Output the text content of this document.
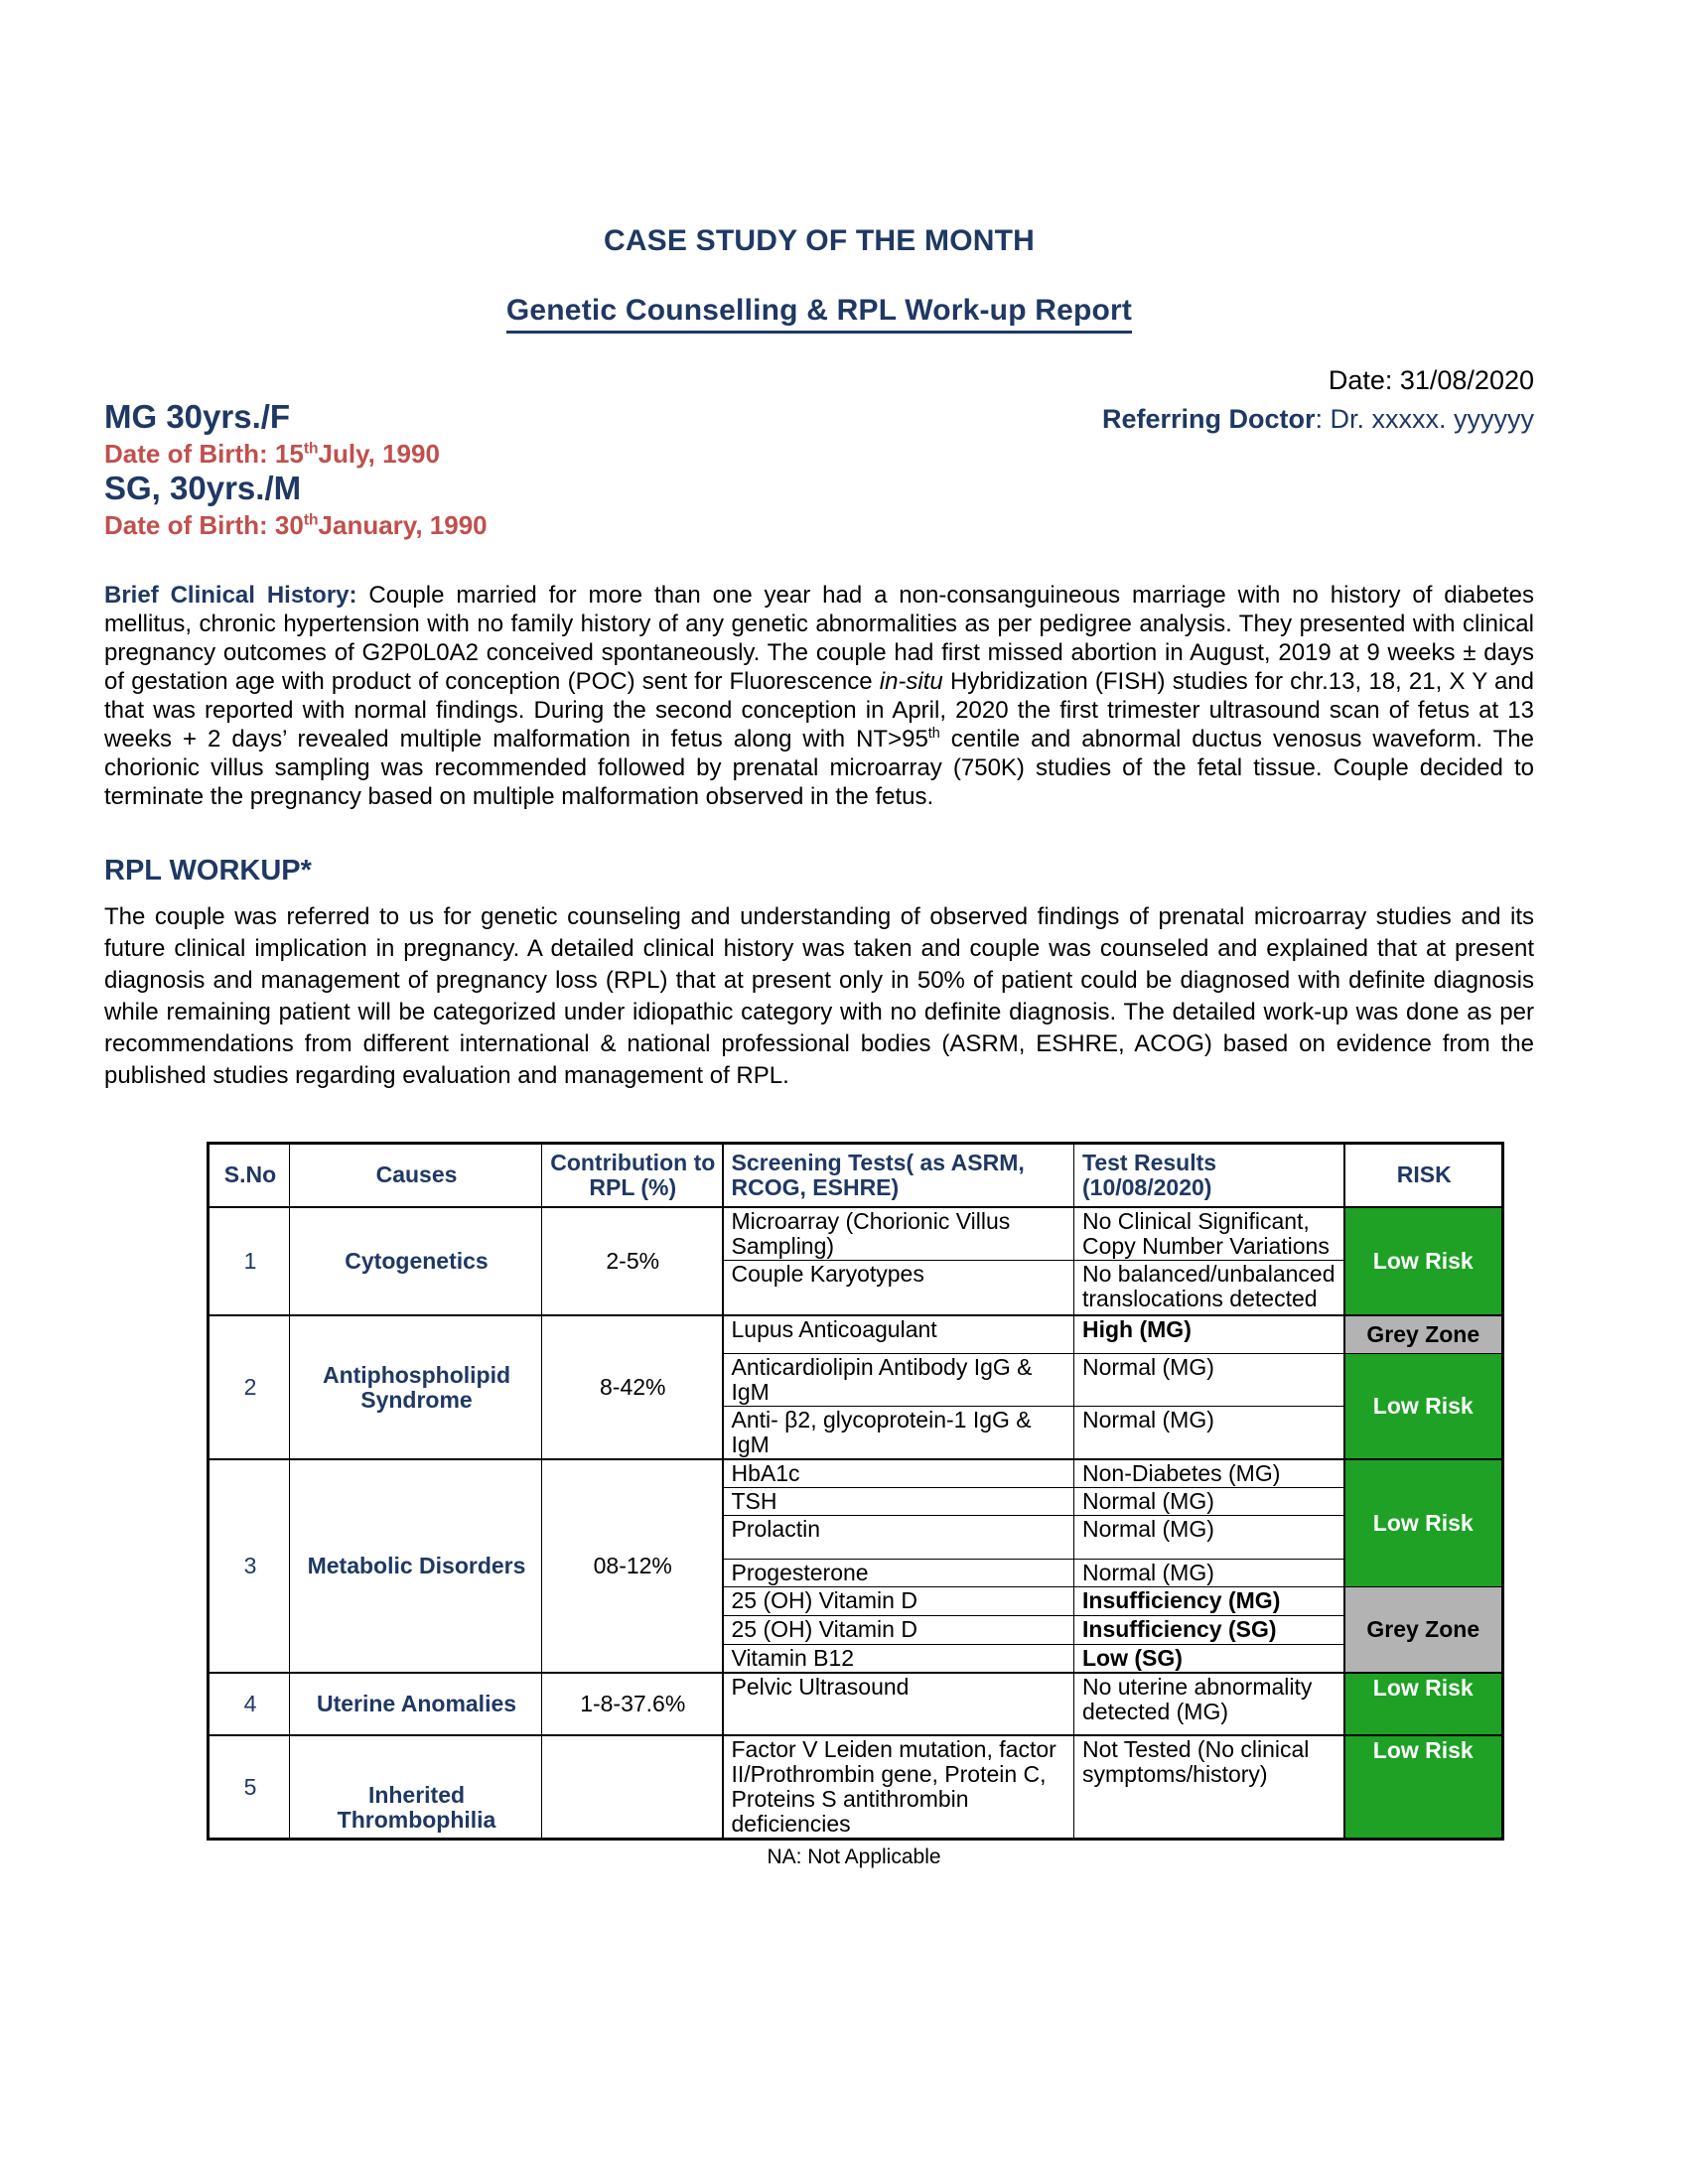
CASE STUDY OF THE MONTH
Genetic Counselling & RPL Work-up Report
Date: 31/08/2020
MG 30yrs./F	Referring Doctor: Dr. xxxxx. yyyyyy
Date of Birth: 15thJuly, 1990
SG, 30yrs./M
Date of Birth: 30thJanuary, 1990

Brief Clinical History: Couple married for more than one year had a non-consanguineous marriage with no history of diabetes mellitus, chronic hypertension with no family history of any genetic abnormalities as per pedigree analysis. They presented with clinical pregnancy outcomes of G2P0L0A2 conceived spontaneously. The couple had first missed abortion in August, 2019 at 9 weeks ± days of gestation age with product of conception (POC) sent for Fluorescence in-situ Hybridization (FISH) studies for chr.13, 18, 21, X Y and that was reported with normal findings. During the second conception in April, 2020 the first trimester ultrasound scan of fetus at 13 weeks + 2 days’ revealed multiple malformation in fetus along with NT>95th centile and abnormal ductus venosus waveform. The chorionic villus sampling was recommended followed by prenatal microarray (750K) studies of the fetal tissue. Couple decided to terminate the pregnancy based on multiple malformation observed in the fetus.

RPL WORKUP*

The couple was referred to us for genetic counseling and understanding of observed findings of prenatal microarray studies and its future clinical implication in pregnancy. A detailed clinical history was taken and couple was counseled and explained that at present diagnosis and management of pregnancy loss (RPL) that at present only in 50% of patient could be diagnosed with definite diagnosis while remaining patient will be categorized under idiopathic category with no definite diagnosis. The detailed work-up was done as per recommendations from different international & national professional bodies (ASRM, ESHRE, ACOG) based on evidence from the published studies regarding evaluation and management of RPL.

S.No	Causes	Contribution to RPL (%)	Screening Tests( as ASRM, RCOG, ESHRE)	Test Results (10/08/2020)	RISK
1	Cytogenetics	2-5%	Microarray (Chorionic Villus Sampling)	No Clinical Significant, Copy Number Variations	Low Risk
			Couple Karyotypes	No balanced/unbalanced translocations detected	
2	Antiphospholipid Syndrome	8-42%	Lupus Anticoagulant	High (MG)	Grey Zone
			Anticardiolipin Antibody IgG & IgM	Normal (MG)	Low Risk
			Anti- β2, glycoprotein-1 IgG & IgM	Normal (MG)	
3	Metabolic Disorders	08-12%	HbA1c	Non-Diabetes (MG)	Low Risk
			TSH	Normal (MG)	
			Prolactin	Normal (MG)	
			Progesterone	Normal (MG)	
			25 (OH) Vitamin D	Insufficiency (MG)	Grey Zone
			25 (OH) Vitamin D	Insufficiency (SG)	
			Vitamin B12	Low (SG)	
4	Uterine Anomalies	1-8-37.6%	Pelvic Ultrasound	No uterine abnormality detected (MG)	Low Risk
5	Inherited Thrombophilia		Factor V Leiden mutation, factor II/Prothrombin gene, Protein C, Proteins S antithrombin deficiencies	Not Tested (No clinical symptoms/history)	Low Risk
NA: Not Applicable
